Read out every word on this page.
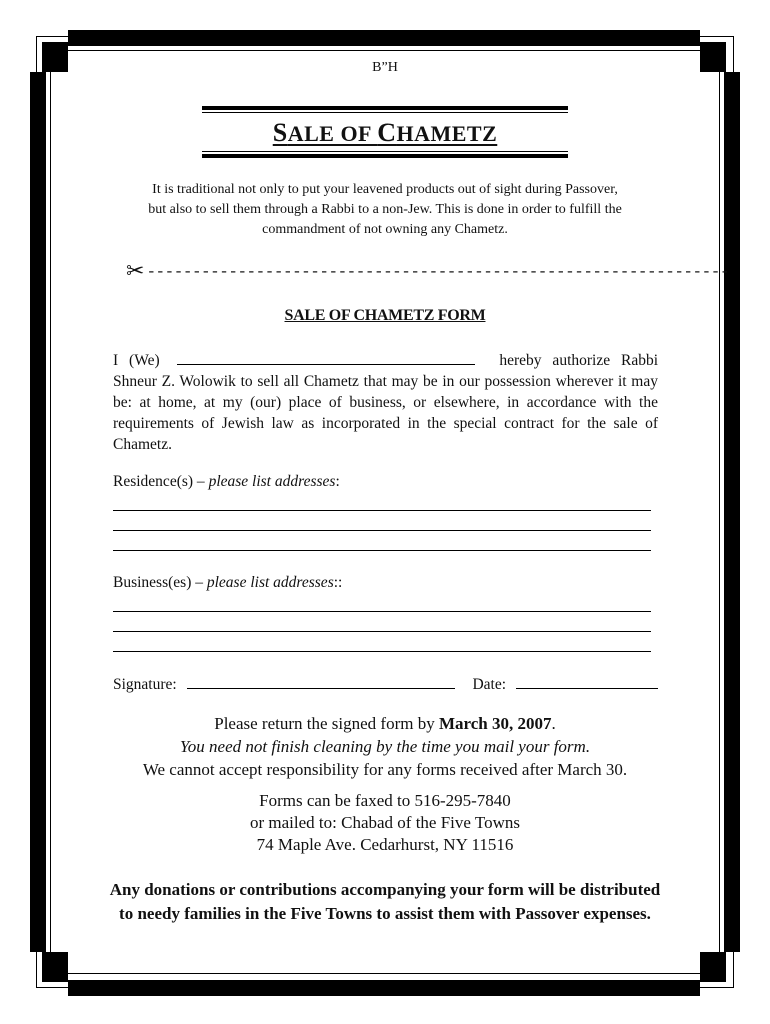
B”H
SALE OF CHAMETZ
It is traditional not only to put your leavened products out of sight during Passover,
but also to sell them through a Rabbi to a non-Jew. This is done in order to fulfill the
commandment of not owning any Chametz.
✂ ----------------------------------------------------------------
SALE OF CHAMETZ FORM
I (We)	hereby authorize Rabbi Shneur Z. Wolowik to sell all Chametz that may be in our possession wherever it may be: at home, at my (our) place of business, or elsewhere, in accordance with the requirements of Jewish law as incorporated in the special contract for the sale of Chametz.
Residence(s) – please list addresses:
Business(es) – please list addresses::
Signature:	Date:
Please return the signed form by March 30, 2007.
You need not finish cleaning by the time you mail your form.
We cannot accept responsibility for any forms received after March 30.
Forms can be faxed to 516-295-7840
or mailed to: Chabad of the Five Towns
74 Maple Ave. Cedarhurst, NY 11516
Any donations or contributions accompanying your form will be distributed
to needy families in the Five Towns to assist them with Passover expenses.
